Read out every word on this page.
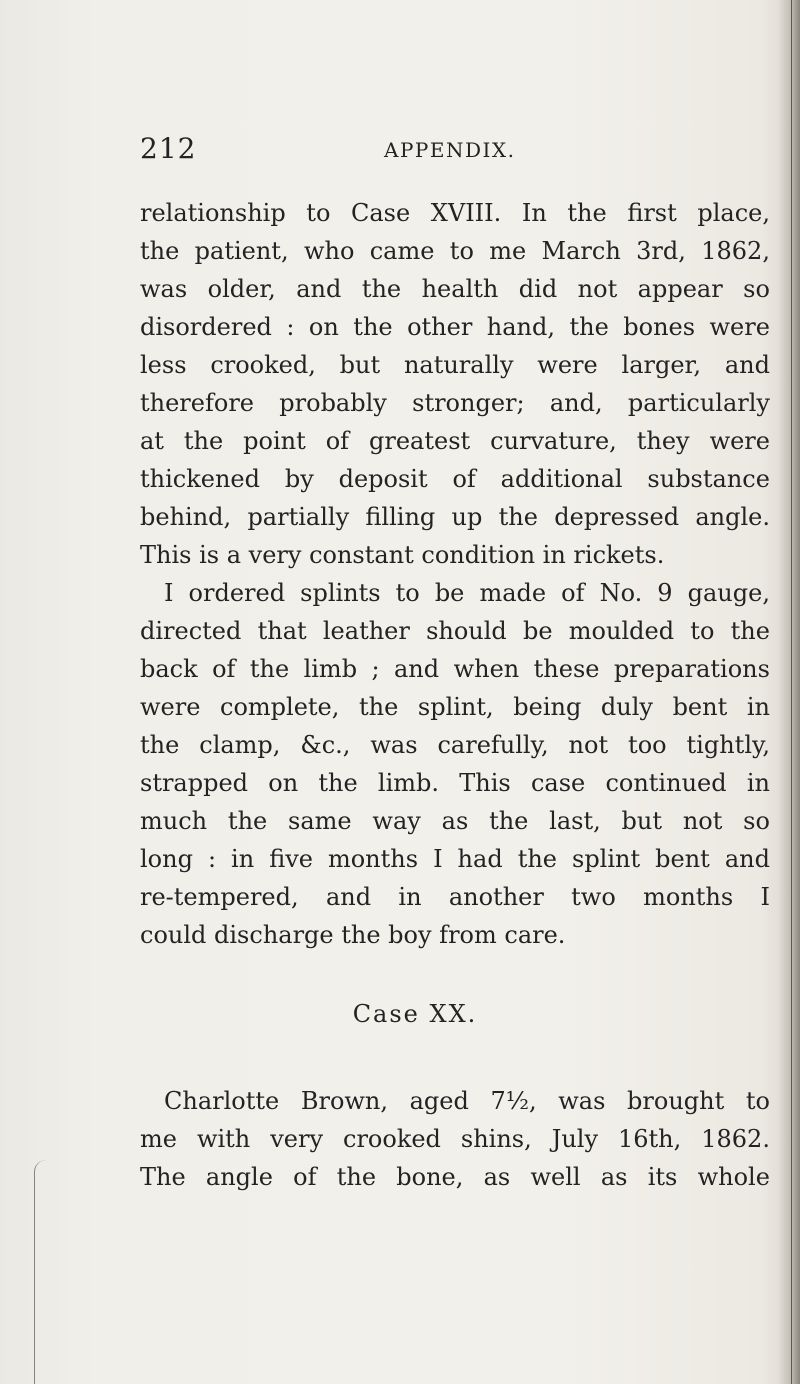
212	APPENDIX.
relationship to Case XVIII. In the first place,
the patient, who came to me March 3rd, 1862,
was older, and the health did not appear so
disordered : on the other hand, the bones were
less crooked, but naturally were larger, and
therefore probably stronger; and, particularly
at the point of greatest curvature, they were
thickened by deposit of additional substance
behind, partially filling up the depressed angle.
This is a very constant condition in rickets.
I ordered splints to be made of No. 9 gauge,
directed that leather should be moulded to the
back of the limb ; and when these preparations
were complete, the splint, being duly bent in
the clamp, &c., was carefully, not too tightly,
strapped on the limb. This case continued in
much the same way as the last, but not so
long : in five months I had the splint bent and
re-tempered, and in another two months I
could discharge the boy from care.
Case XX.
Charlotte Brown, aged 7½, was brought to
me with very crooked shins, July 16th, 1862.
The angle of the bone, as well as its whole
